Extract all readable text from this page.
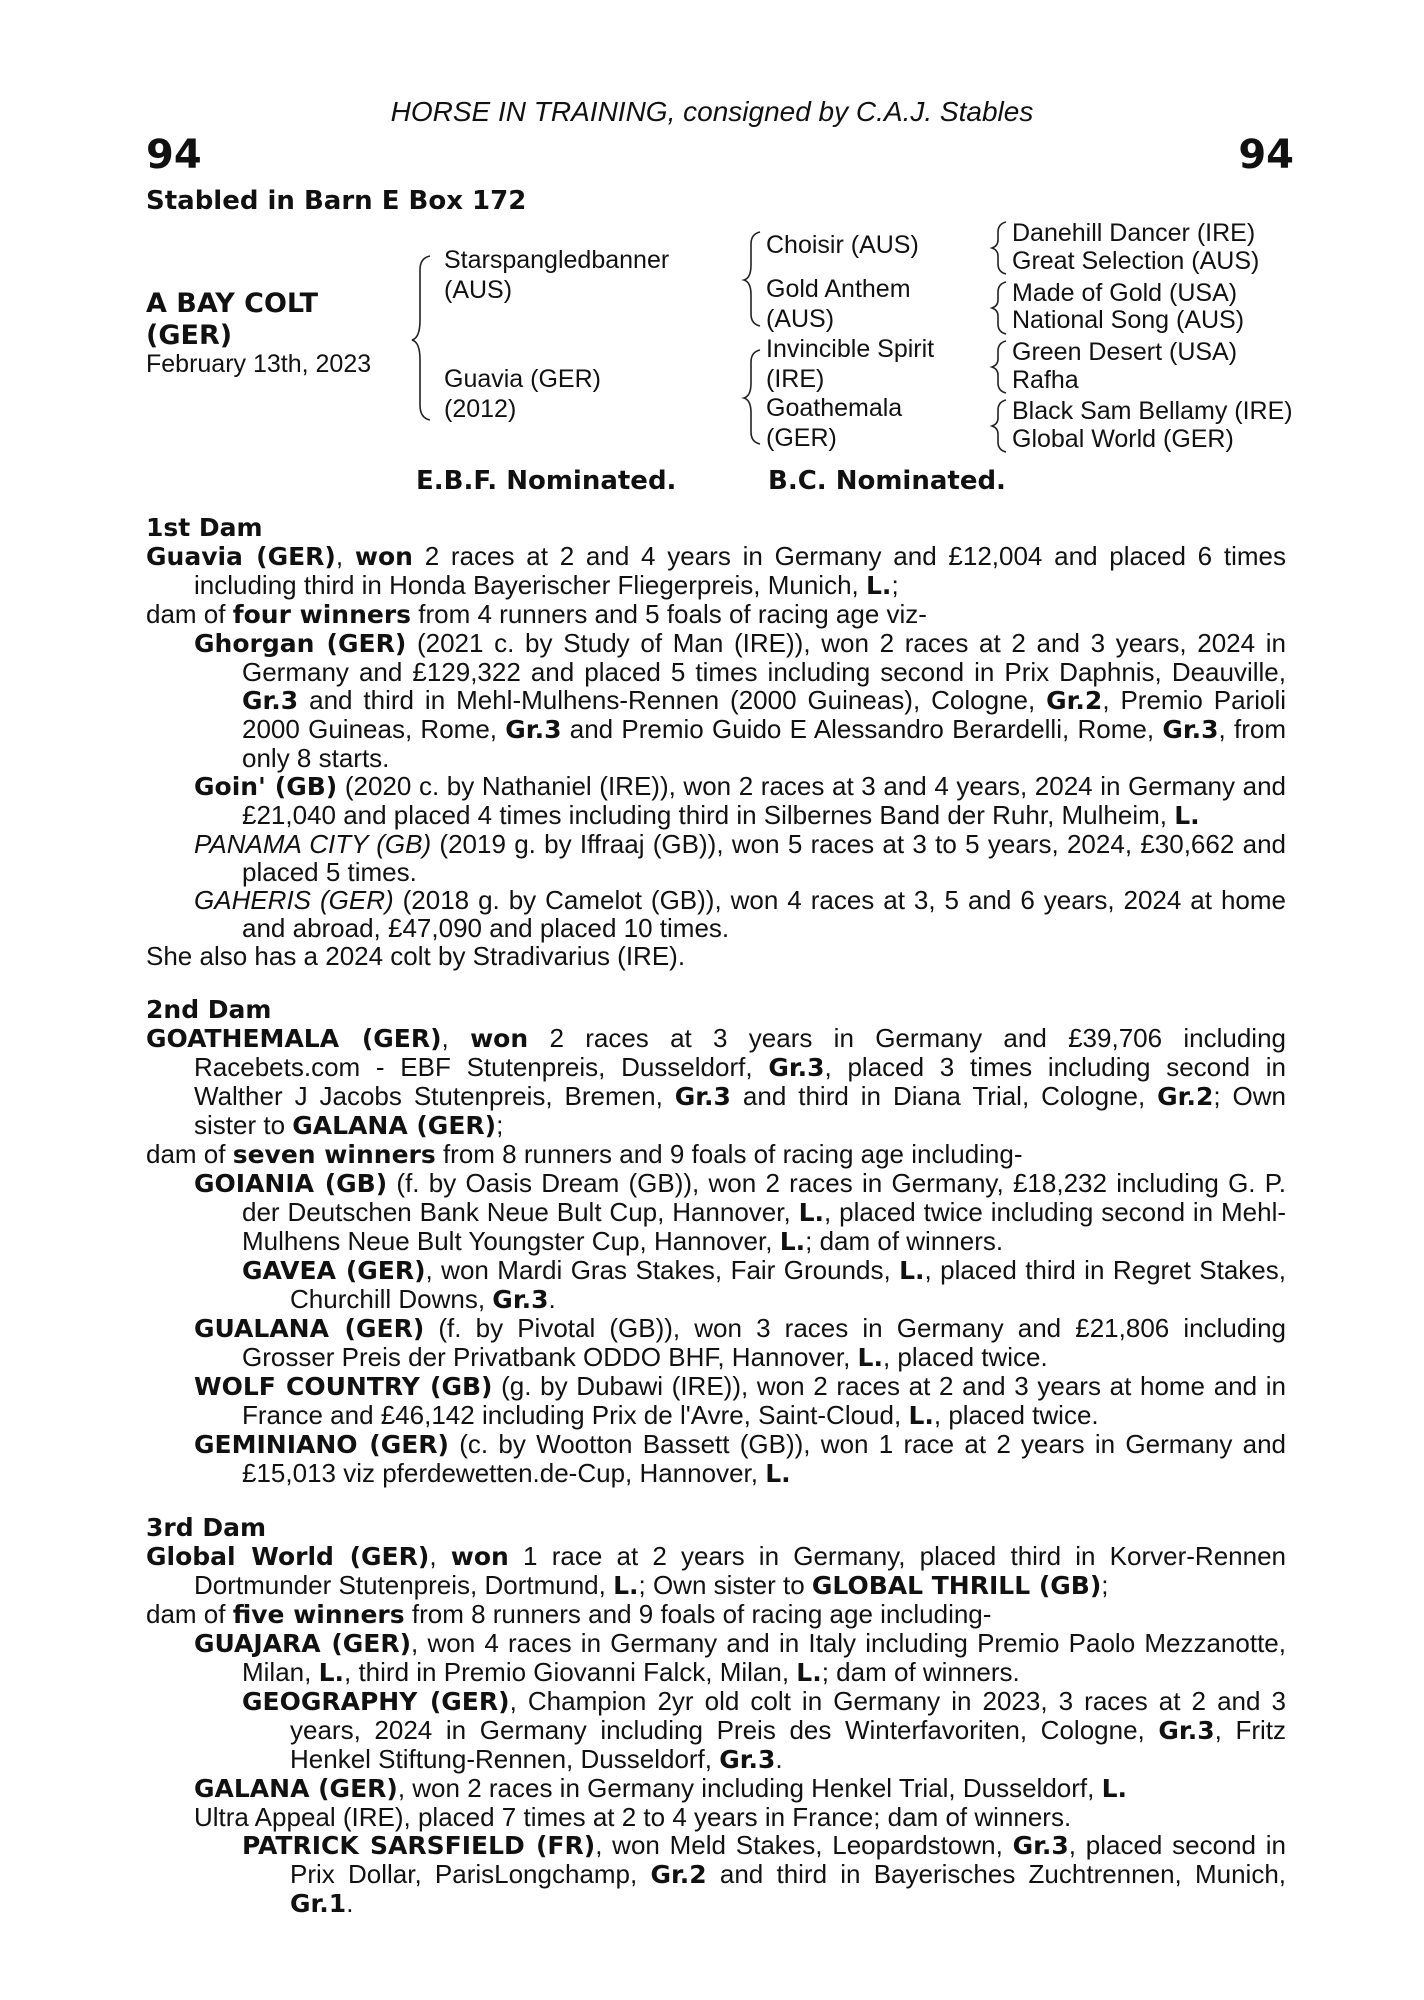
HORSE IN TRAINING, consigned by C.A.J. Stables
94	94
Stabled in Barn E Box 172
A BAY COLT
(GER)
February 13th, 2023
Starspangledbanner
(AUS)
Guavia (GER)
(2012)
Choisir (AUS)
Gold Anthem
(AUS)
Invincible Spirit
(IRE)
Goathemala
(GER)
Danehill Dancer (IRE)
Great Selection (AUS)
Made of Gold (USA)
National Song (AUS)
Green Desert (USA)
Rafha
Black Sam Bellamy (IRE)
Global World (GER)
E.B.F. Nominated.	B.C. Nominated.
1st Dam

Guavia (GER), won 2 races at 2 and 4 years in Germany and £12,004 and placed 6 times including third in Honda Bayerischer Fliegerpreis, Munich, L.;

dam of four winners from 4 runners and 5 foals of racing age viz-

Ghorgan (GER) (2021 c. by Study of Man (IRE)), won 2 races at 2 and 3 years, 2024 in Germany and £129,322 and placed 5 times including second in Prix Daphnis, Deauville, Gr.3 and third in Mehl-Mulhens-Rennen (2000 Guineas), Cologne, Gr.2, Premio Parioli 2000 Guineas, Rome, Gr.3 and Premio Guido E Alessandro Berardelli, Rome, Gr.3, from only 8 starts.

Goin' (GB) (2020 c. by Nathaniel (IRE)), won 2 races at 3 and 4 years, 2024 in Germany and £21,040 and placed 4 times including third in Silbernes Band der Ruhr, Mulheim, L.

PANAMA CITY (GB) (2019 g. by Iffraaj (GB)), won 5 races at 3 to 5 years, 2024, £30,662 and placed 5 times.

GAHERIS (GER) (2018 g. by Camelot (GB)), won 4 races at 3, 5 and 6 years, 2024 at home and abroad, £47,090 and placed 10 times.

She also has a 2024 colt by Stradivarius (IRE).

2nd Dam

GOATHEMALA (GER), won 2 races at 3 years in Germany and £39,706 including Racebets.com - EBF Stutenpreis, Dusseldorf, Gr.3, placed 3 times including second in Walther J Jacobs Stutenpreis, Bremen, Gr.3 and third in Diana Trial, Cologne, Gr.2; Own sister to GALANA (GER);

dam of seven winners from 8 runners and 9 foals of racing age including-

GOIANIA (GB) (f. by Oasis Dream (GB)), won 2 races in Germany, £18,232 including G. P. der Deutschen Bank Neue Bult Cup, Hannover, L., placed twice including second in Mehl-Mulhens Neue Bult Youngster Cup, Hannover, L.; dam of winners.

GAVEA (GER), won Mardi Gras Stakes, Fair Grounds, L., placed third in Regret Stakes, Churchill Downs, Gr.3.

GUALANA (GER) (f. by Pivotal (GB)), won 3 races in Germany and £21,806 including Grosser Preis der Privatbank ODDO BHF, Hannover, L., placed twice.

WOLF COUNTRY (GB) (g. by Dubawi (IRE)), won 2 races at 2 and 3 years at home and in France and £46,142 including Prix de l'Avre, Saint-Cloud, L., placed twice.

GEMINIANO (GER) (c. by Wootton Bassett (GB)), won 1 race at 2 years in Germany and £15,013 viz pferdewetten.de-Cup, Hannover, L.

3rd Dam

Global World (GER), won 1 race at 2 years in Germany, placed third in Korver-Rennen Dortmunder Stutenpreis, Dortmund, L.; Own sister to GLOBAL THRILL (GB);

dam of five winners from 8 runners and 9 foals of racing age including-

GUAJARA (GER), won 4 races in Germany and in Italy including Premio Paolo Mezzanotte, Milan, L., third in Premio Giovanni Falck, Milan, L.; dam of winners.

GEOGRAPHY (GER), Champion 2yr old colt in Germany in 2023, 3 races at 2 and 3 years, 2024 in Germany including Preis des Winterfavoriten, Cologne, Gr.3, Fritz Henkel Stiftung-Rennen, Dusseldorf, Gr.3.

GALANA (GER), won 2 races in Germany including Henkel Trial, Dusseldorf, L.

Ultra Appeal (IRE), placed 7 times at 2 to 4 years in France; dam of winners.

PATRICK SARSFIELD (FR), won Meld Stakes, Leopardstown, Gr.3, placed second in Prix Dollar, ParisLongchamp, Gr.2 and third in Bayerisches Zuchtrennen, Munich, Gr.1.
